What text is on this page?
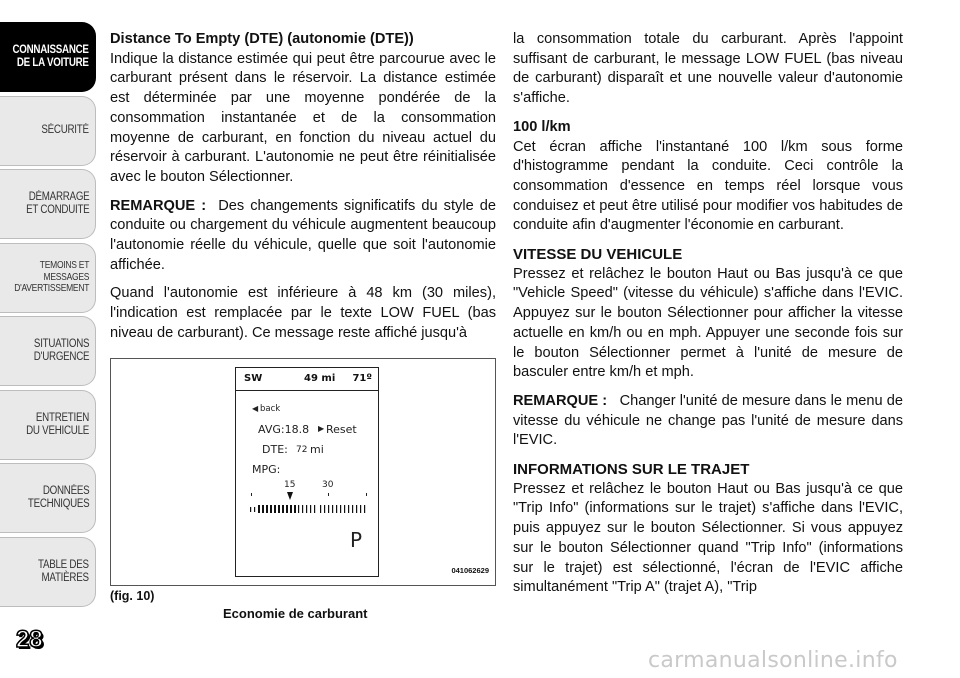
CONNAISSANCE
DE LA VOITURE
SÉCURITÉ
DÉMARRAGE
ET CONDUITE
TEMOINS ET
MESSAGES
D'AVERTISSEMENT
SITUATIONS
D'URGENCE
ENTRETIEN
DU VEHICULE
DONNÉES
TECHNIQUES
TABLE DES
MATIÈRES
28

Distance To Empty (DTE) (autonomie (DTE))

Indique la distance estimée qui peut être parcourue avec le carburant présent dans le réservoir. La distance estimée est déterminée par une moyenne pondérée de la consommation instantanée et de la consommation moyenne de carburant, en fonction du niveau actuel du réservoir à carburant. L'autonomie ne peut être réinitialisée avec le bouton Sélectionner.

REMARQUE : Des changements significatifs du style de conduite ou chargement du véhicule augmentent beaucoup l'autonomie réelle du véhicule, quelle que soit l'autonomie affichée.

Quand l'autonomie est inférieure à 48 km (30 miles), l'indication est remplacée par le texte LOW FUEL (bas niveau de carburant). Ce message reste affiché jusqu'à

SW	49 mi 71º
◀ back
AVG:18.8 ▶ Reset
DTE: 72 mi
MPG:
15	30
P
041062629
(fig. 10)
Economie de carburant

la consommation totale du carburant. Après l'appoint suffisant de carburant, le message LOW FUEL (bas niveau de carburant) disparaît et une nouvelle valeur d'autonomie s'affiche.

100 l/km

Cet écran affiche l'instantané 100 l/km sous forme d'histogramme pendant la conduite. Ceci contrôle la consommation d'essence en temps réel lorsque vous conduisez et peut être utilisé pour modifier vos habitudes de conduite afin d'augmenter l'économie en carburant.

VITESSE DU VEHICULE

Pressez et relâchez le bouton Haut ou Bas jusqu'à ce que "Vehicle Speed" (vitesse du véhicule) s'affiche dans l'EVIC. Appuyez sur le bouton Sélectionner pour afficher la vitesse actuelle en km/h ou en mph. Appuyer une seconde fois sur le bouton Sélectionner permet à l'unité de mesure de basculer entre km/h et mph.

REMARQUE : Changer l'unité de mesure dans le menu de vitesse du véhicule ne change pas l'unité de mesure dans l'EVIC.

INFORMATIONS SUR LE TRAJET

Pressez et relâchez le bouton Haut ou Bas jusqu'à ce que "Trip Info" (informations sur le trajet) s'affiche dans l'EVIC, puis appuyez sur le bouton Sélectionner. Si vous appuyez sur le bouton Sélectionner quand "Trip Info" (informations sur le trajet) est sélectionné, l'écran de l'EVIC affiche simultanément "Trip A" (trajet A), "Trip

carmanualsonline.info
